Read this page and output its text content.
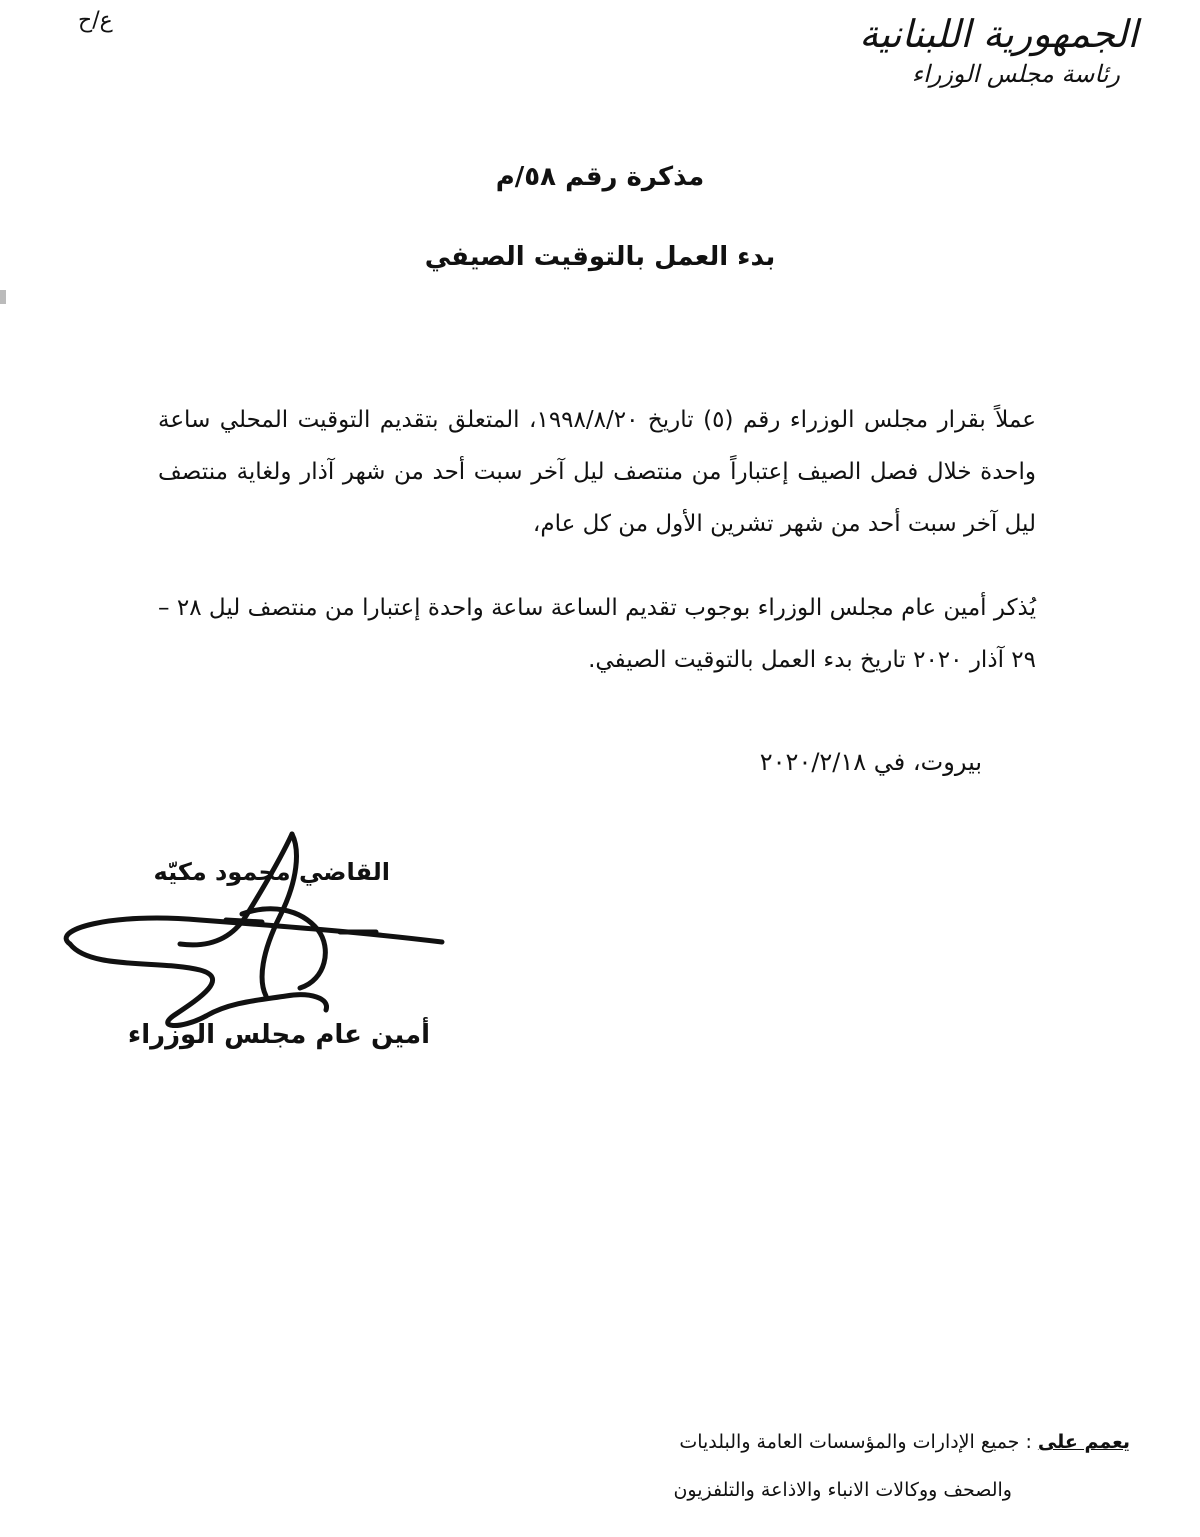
ع/ح	الجمهورية اللبنانية
رئاسة مجلس الوزراء
مذكرة رقم ٥٨/م
بدء العمل بالتوقيت الصيفي
عملاً بقرار مجلس الوزراء رقم (٥) تاريخ ١٩٩٨/٨/٢٠، المتعلق بتقديم التوقيت المحلي ساعة واحدة خلال فصل الصيف إعتباراً من منتصف ليل آخر سبت أحد من شهر آذار ولغاية منتصف ليل آخر سبت أحد من شهر تشرين الأول من كل عام،
يُذكر أمين عام مجلس الوزراء بوجوب تقديم الساعة ساعة واحدة إعتبارا من منتصف ليل ٢٨ – ٢٩ آذار ٢٠٢٠ تاريخ بدء العمل بالتوقيت الصيفي.
بيروت، في ٢٠٢٠/٢/١٨
القاضي محمود مكيّه
أمين عام مجلس الوزراء
يعمم على : جميع الإدارات والمؤسسات العامة والبلديات
والصحف ووكالات الانباء والاذاعة والتلفزيون
